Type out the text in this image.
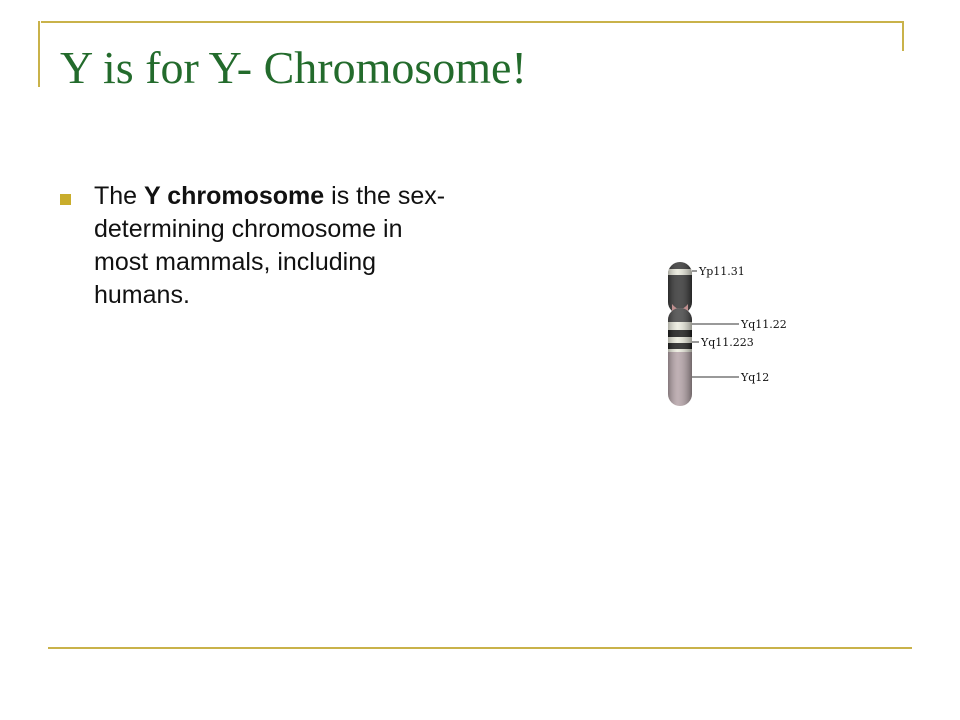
Y is for Y- Chromosome!

The Y chromosome is the sex-determining chromosome in most mammals, including humans.

Yp11.31
Yq11.22
Yq11.223
Yq12
